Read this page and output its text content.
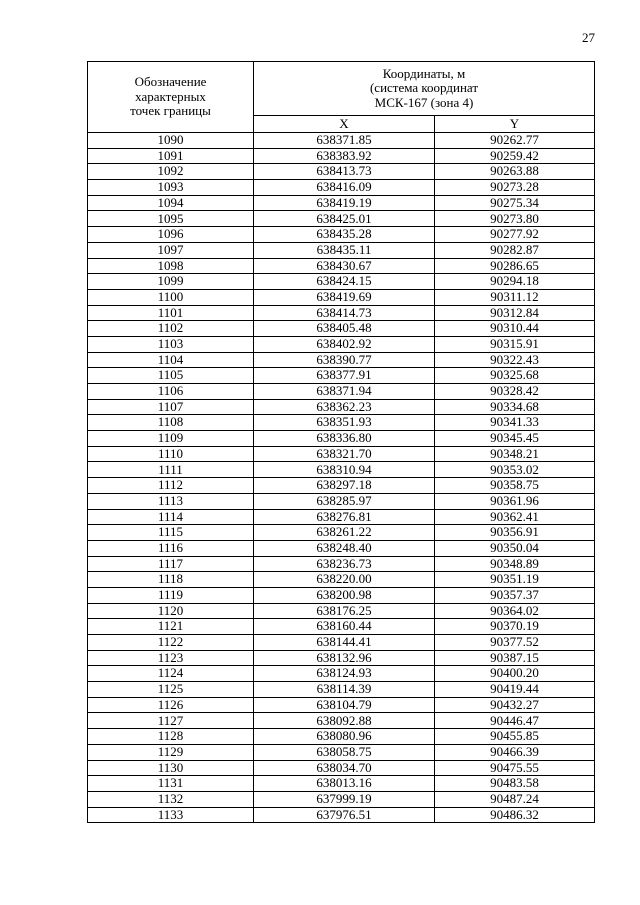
27
Обозначение
характерных
точек границы	Координаты, м
(система координат
МСК-167 (зона 4)	
	X	Y
1090	638371.85	90262.77
1091	638383.92	90259.42
1092	638413.73	90263.88
1093	638416.09	90273.28
1094	638419.19	90275.34
1095	638425.01	90273.80
1096	638435.28	90277.92
1097	638435.11	90282.87
1098	638430.67	90286.65
1099	638424.15	90294.18
1100	638419.69	90311.12
1101	638414.73	90312.84
1102	638405.48	90310.44
1103	638402.92	90315.91
1104	638390.77	90322.43
1105	638377.91	90325.68
1106	638371.94	90328.42
1107	638362.23	90334.68
1108	638351.93	90341.33
1109	638336.80	90345.45
1110	638321.70	90348.21
1111	638310.94	90353.02
1112	638297.18	90358.75
1113	638285.97	90361.96
1114	638276.81	90362.41
1115	638261.22	90356.91
1116	638248.40	90350.04
1117	638236.73	90348.89
1118	638220.00	90351.19
1119	638200.98	90357.37
1120	638176.25	90364.02
1121	638160.44	90370.19
1122	638144.41	90377.52
1123	638132.96	90387.15
1124	638124.93	90400.20
1125	638114.39	90419.44
1126	638104.79	90432.27
1127	638092.88	90446.47
1128	638080.96	90455.85
1129	638058.75	90466.39
1130	638034.70	90475.55
1131	638013.16	90483.58
1132	637999.19	90487.24
1133	637976.51	90486.32
